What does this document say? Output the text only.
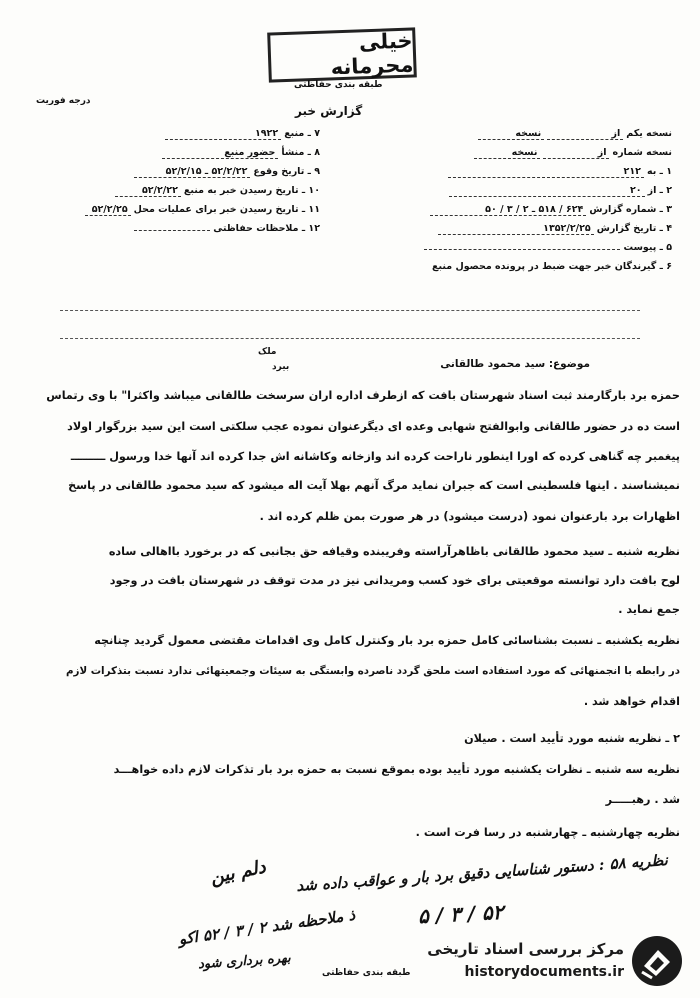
خیلی محرمانه
طبقه بندی حفاظتی
درجه فوریت
گزارش خبر
نسخه یکم از نسخه
نسخه شماره از نسخه
۱ ـ به ۲۱۲
۲ ـ از ۲۰
۳ ـ شماره گزارش ۶۲۴ / ۵۱۸ ـ ۲ / ۳ / ۵۰
۴ ـ تاریخ گزارش ۱۳۵۲/۲/۲۵
۵ ـ پیوست
۶ ـ گیرندگان خبر جهت ضبط در پرونده محصول منبع
۷ ـ منبع ۱۹۲۲
۸ ـ منشأ حضور منبع
۹ ـ تاریخ وقوع ۵۲/۲/۲۲ ـ ۵۲/۲/۱۵
۱۰ ـ تاریخ رسیدن خبر به منبع ۵۲/۲/۲۲
۱۱ ـ تاریخ رسیدن خبر برای عملیات محل ۵۲/۲/۲۵
۱۲ ـ ملاحظات حفاظتی
ملک
بیرد	موضوع: سید محمود طالقانی
حمزه برد بارگارمند ثبت اسناد شهرستان بافت که ازطرف اداره اران سرسخت طالقانی میباشد واکثرا" با وی رتماس
است ده در حضور طالقانی وابوالفتح شهابی وعده ای دیگرعنوان نموده عجب سلکتی است این سید بزرگوار اولاد
پیغمبر چه گناهی کرده که اورا اینطور ناراحت کرده اند وازخانه وکاشانه اش جدا کرده اند آنها خدا ورسول ـــــــــ
نمیشناسند . اینها فلسطینی است که جبران نماید مرگ آنهم بهلا آیت اله میشود که سید محمود طالقانی در پاسخ
اظهارات برد بارعنوان نمود (درست میشود) در هر صورت بمن ظلم کرده اند .
نظریه شنبه ـ سید محمود طالقانی باظاهرآراسته وفریبنده وقیافه حق بجانبی که در برخورد بااهالی ساده
لوح بافت دارد توانسته موقعیتی برای خود کسب ومریدانی نیز در مدت توقف در شهرستان بافت در وجود
جمع نماید .
نظریه یکشنبه ـ نسبت بشناسائی کامل حمزه برد بار وکنترل کامل وی اقدامات مقتضی معمول گردید چنانچه
در رابطه با انجمنهائی که مورد استفاده است ملحق گردد ناصرده وابستگی به سیئات وجمعیتهائی ندارد نسبت بتذکرات لازم
اقدام خواهد شد .
۲ ـ نظریه شنبه مورد تأیید است . صیلان
نظریه سه شنبه ـ نظرات یکشنبه مورد تأیید بوده بموقع نسبت به حمزه برد بار تذکرات لازم داده خواهـــد
شد . رهبـــــر
نظریه چهارشنبه ـ چهارشنبه در رسا فرت است .
نظریه ۵۸ : دستور شناسایی دقیق برد بار و عواقب داده شد
دلم بین
ذ ملاحظه شد ۲ / ۳ / ۵۲ اکو
بهره برداری شود
۵ / ۳ / ۵۲
طبقه بندی حفاظتی
مرکز بررسی اسناد تاریخی
historydocuments.ir
